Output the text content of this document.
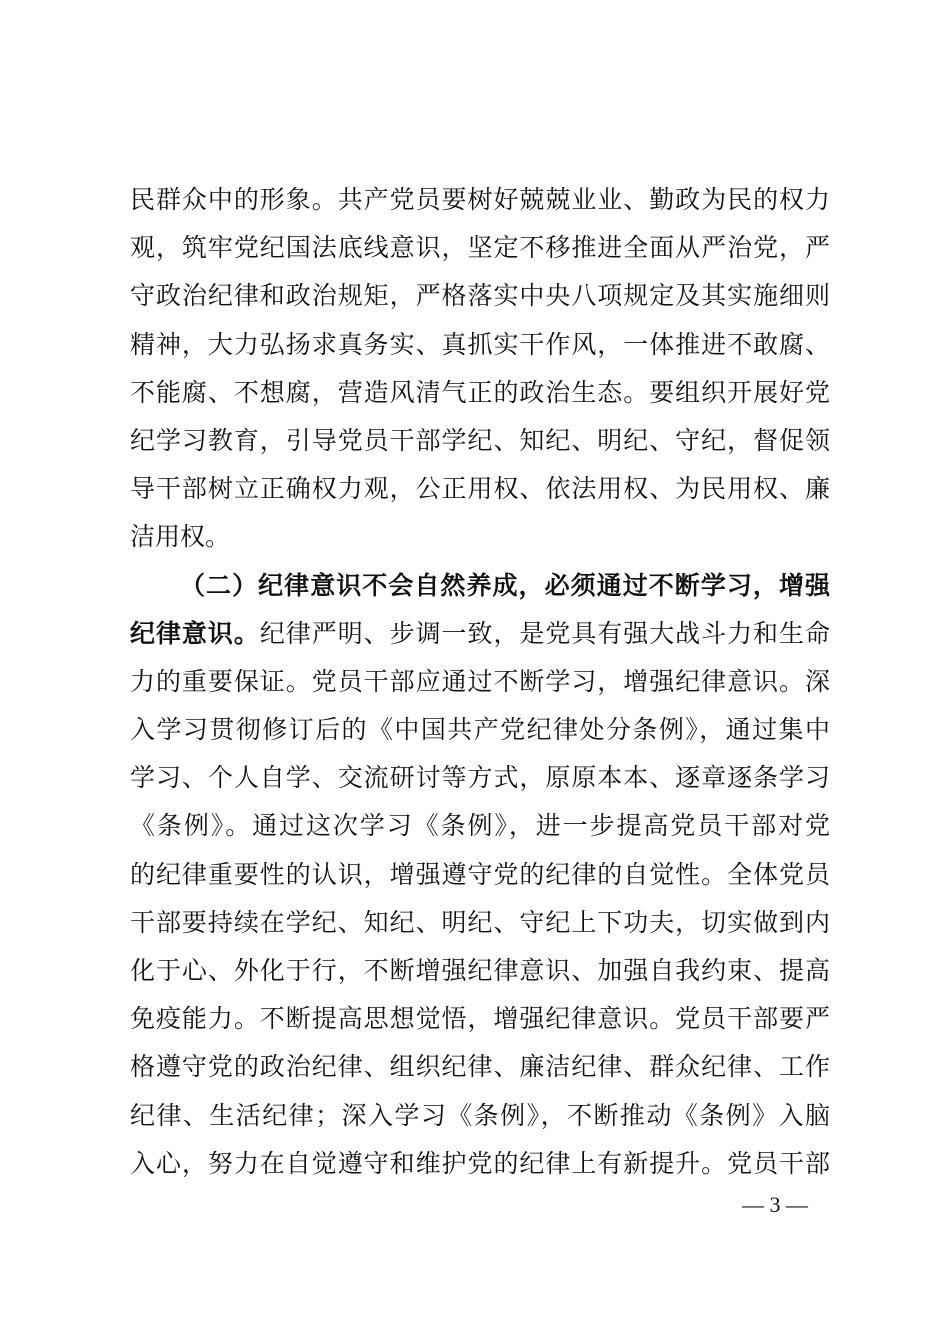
民群众中的形象。共产党员要树好兢兢业业、勤政为民的权力
观，筑牢党纪国法底线意识，坚定不移推进全面从严治党，严
守政治纪律和政治规矩，严格落实中央八项规定及其实施细则
精神，大力弘扬求真务实、真抓实干作风，一体推进不敢腐、
不能腐、不想腐，营造风清气正的政治生态。要组织开展好党
纪学习教育，引导党员干部学纪、知纪、明纪、守纪，督促领
导干部树立正确权力观，公正用权、依法用权、为民用权、廉
洁用权。
（二）纪律意识不会自然养成，必须通过不断学习，增强
纪律意识。纪律严明、步调一致，是党具有强大战斗力和生命
力的重要保证。党员干部应通过不断学习，增强纪律意识。深
入学习贯彻修订后的《中国共产党纪律处分条例》，通过集中
学习、个人自学、交流研讨等方式，原原本本、逐章逐条学习
《条例》。通过这次学习《条例》，进一步提高党员干部对党
的纪律重要性的认识，增强遵守党的纪律的自觉性。全体党员
干部要持续在学纪、知纪、明纪、守纪上下功夫，切实做到内
化于心、外化于行，不断增强纪律意识、加强自我约束、提高
免疫能力。不断提高思想觉悟，增强纪律意识。党员干部要严
格遵守党的政治纪律、组织纪律、廉洁纪律、群众纪律、工作
纪律、生活纪律；深入学习《条例》，不断推动《条例》入脑
入心，努力在自觉遵守和维护党的纪律上有新提升。党员干部
— 3 —
